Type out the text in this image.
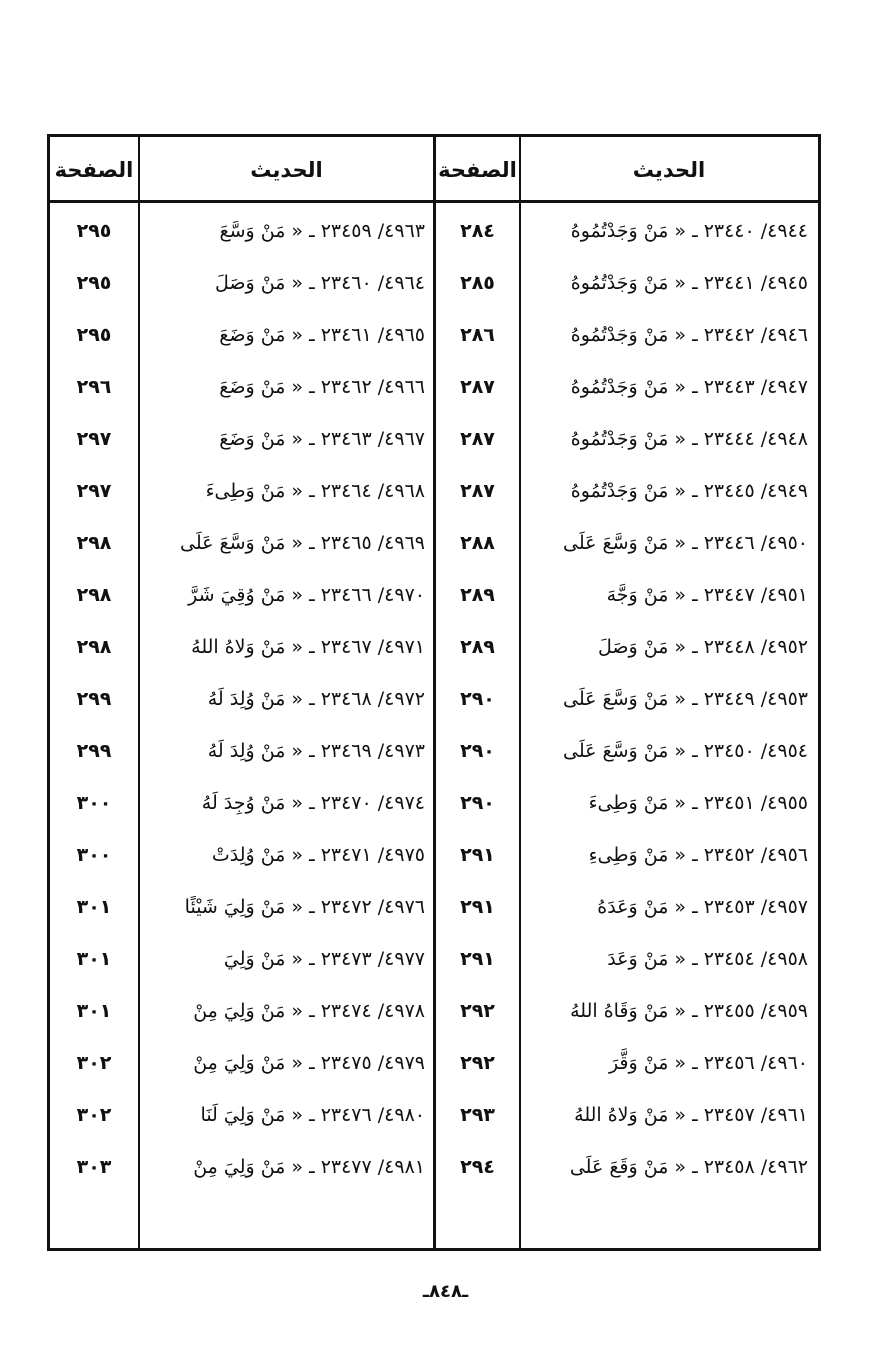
الحديث
الصفحة
الحديث
الصفحة
٤٩٤٤/ ٢٣٤٤٠ ـ « مَنْ وَجَدْتُمُوهُ
٢٨٤
٤٩٤٥/ ٢٣٤٤١ ـ « مَنْ وَجَدْتُمُوهُ
٢٨٥
٤٩٤٦/ ٢٣٤٤٢ ـ « مَنْ وَجَدْتُمُوهُ
٢٨٦
٤٩٤٧/ ٢٣٤٤٣ ـ « مَنْ وَجَدْتُمُوهُ
٢٨٧
٤٩٤٨/ ٢٣٤٤٤ ـ « مَنْ وَجَدْتُمُوهُ
٢٨٧
٤٩٤٩/ ٢٣٤٤٥ ـ « مَنْ وَجَدْتُمُوهُ
٢٨٧
٤٩٥٠/ ٢٣٤٤٦ ـ « مَنْ وَسَّعَ عَلَى
٢٨٨
٤٩٥١/ ٢٣٤٤٧ ـ « مَنْ وَجَّهَ
٢٨٩
٤٩٥٢/ ٢٣٤٤٨ ـ « مَنْ وَصَلَ
٢٨٩
٤٩٥٣/ ٢٣٤٤٩ ـ « مَنْ وَسَّعَ عَلَى
٢٩٠
٤٩٥٤/ ٢٣٤٥٠ ـ « مَنْ وَسَّعَ عَلَى
٢٩٠
٤٩٥٥/ ٢٣٤٥١ ـ « مَنْ وَطِىءَ
٢٩٠
٤٩٥٦/ ٢٣٤٥٢ ـ « مَنْ وَطِىءِ
٢٩١
٤٩٥٧/ ٢٣٤٥٣ ـ « مَنْ وَعَدَهُ
٢٩١
٤٩٥٨/ ٢٣٤٥٤ ـ « مَنْ وَعَدَ
٢٩١
٤٩٥٩/ ٢٣٤٥٥ ـ « مَنْ وَقَاهُ اللهُ
٢٩٢
٤٩٦٠/ ٢٣٤٥٦ ـ « مَنْ وَقَّرَ
٢٩٢
٤٩٦١/ ٢٣٤٥٧ ـ « مَنْ وَلاهُ اللهُ
٢٩٣
٤٩٦٢/ ٢٣٤٥٨ ـ « مَنْ وَقَعَ عَلَى
٢٩٤
٤٩٦٣/ ٢٣٤٥٩ ـ « مَنْ وَسَّعَ
٢٩٥
٤٩٦٤/ ٢٣٤٦٠ ـ « مَنْ وَصَلَ
٢٩٥
٤٩٦٥/ ٢٣٤٦١ ـ « مَنْ وَضَعَ
٢٩٥
٤٩٦٦/ ٢٣٤٦٢ ـ « مَنْ وَضَعَ
٢٩٦
٤٩٦٧/ ٢٣٤٦٣ ـ « مَنْ وَضَعَ
٢٩٧
٤٩٦٨/ ٢٣٤٦٤ ـ « مَنْ وَطِىءَ
٢٩٧
٤٩٦٩/ ٢٣٤٦٥ ـ « مَنْ وَسَّعَ عَلَى
٢٩٨
٤٩٧٠/ ٢٣٤٦٦ ـ « مَنْ وُقِيَ شَرَّ
٢٩٨
٤٩٧١/ ٢٣٤٦٧ ـ « مَنْ وَلاهُ اللهُ
٢٩٨
٤٩٧٢/ ٢٣٤٦٨ ـ « مَنْ وُلِدَ لَهُ
٢٩٩
٤٩٧٣/ ٢٣٤٦٩ ـ « مَنْ وُلِدَ لَهُ
٢٩٩
٤٩٧٤/ ٢٣٤٧٠ ـ « مَنْ وُجِدَ لَهُ
٣٠٠
٤٩٧٥/ ٢٣٤٧١ ـ « مَنْ وُلِدَتْ
٣٠٠
٤٩٧٦/ ٢٣٤٧٢ ـ « مَنْ وَلِيَ شَيْئًا
٣٠١
٤٩٧٧/ ٢٣٤٧٣ ـ « مَنْ وَلِيَ
٣٠١
٤٩٧٨/ ٢٣٤٧٤ ـ « مَنْ وَلِيَ مِنْ
٣٠١
٤٩٧٩/ ٢٣٤٧٥ ـ « مَنْ وَلِيَ مِنْ
٣٠٢
٤٩٨٠/ ٢٣٤٧٦ ـ « مَنْ وَلِيَ لَنَا
٣٠٢
٤٩٨١/ ٢٣٤٧٧ ـ « مَنْ وَلِيَ مِنْ
٣٠٣
ـ٨٤٨ـ
